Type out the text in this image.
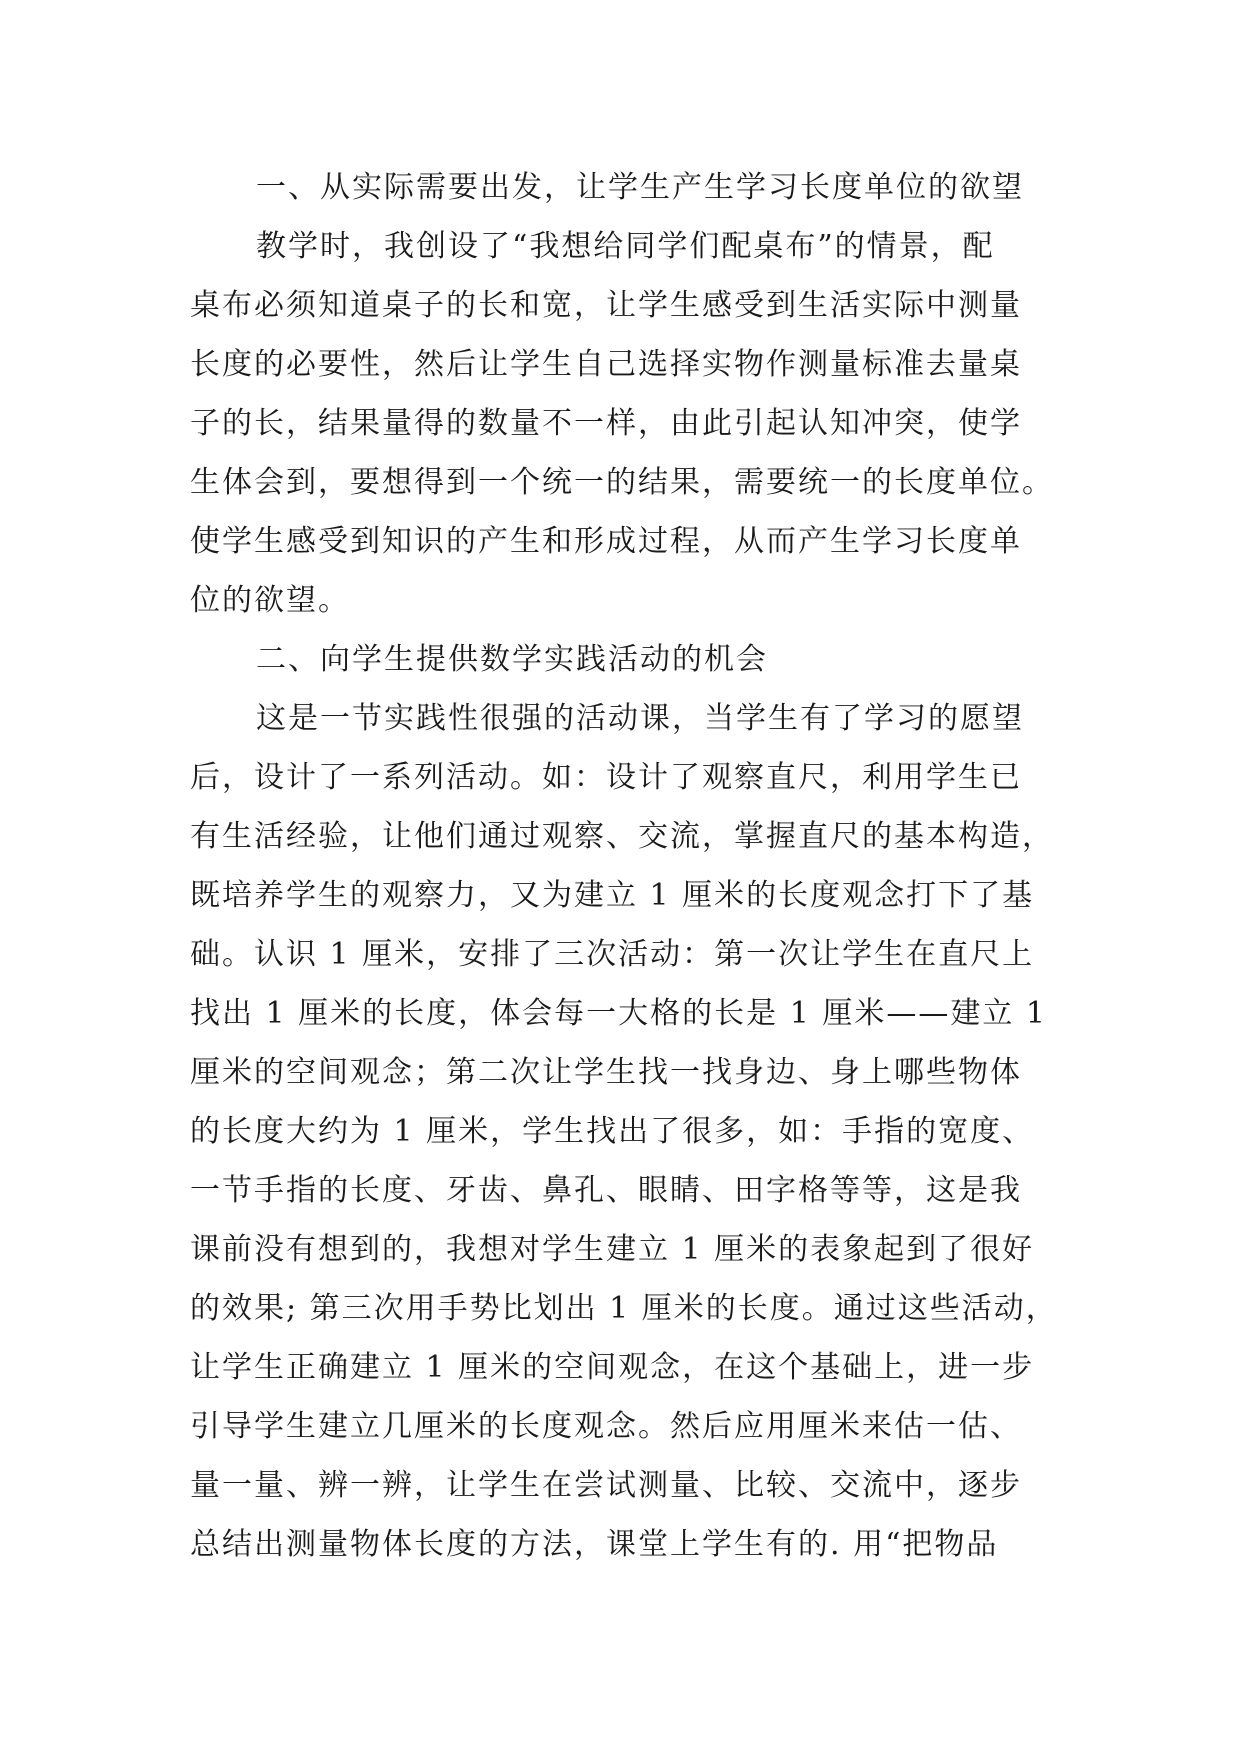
一、从实际需要出发，让学生产生学习长度单位的欲望
教学时，我创设了“我想给同学们配桌布”的情景，配
桌布必须知道桌子的长和宽，让学生感受到生活实际中测量
长度的必要性，然后让学生自己选择实物作测量标准去量桌
子的长，结果量得的数量不一样，由此引起认知冲突，使学
生体会到，要想得到一个统一的结果，需要统一的长度单位。
使学生感受到知识的产生和形成过程，从而产生学习长度单
位的欲望。
二、向学生提供数学实践活动的机会
这是一节实践性很强的活动课，当学生有了学习的愿望
后，设计了一系列活动。如：设计了观察直尺，利用学生已
有生活经验，让他们通过观察、交流，掌握直尺的基本构造，
既培养学生的观察力，又为建立 1 厘米的长度观念打下了基
础。认识 1 厘米，安排了三次活动：第一次让学生在直尺上
找出 1 厘米的长度，体会每一大格的长是 1 厘米——建立 1
厘米的空间观念；第二次让学生找一找身边、身上哪些物体
的长度大约为 1 厘米，学生找出了很多，如：手指的宽度、
一节手指的长度、牙齿、鼻孔、眼睛、田字格等等，这是我
课前没有想到的，我想对学生建立 1 厘米的表象起到了很好
的效果; 第三次用手势比划出 1 厘米的长度。通过这些活动，
让学生正确建立 1 厘米的空间观念，在这个基础上，进一步
引导学生建立几厘米的长度观念。然后应用厘米来估一估、
量一量、辨一辨，让学生在尝试测量、比较、交流中，逐步
总结出测量物体长度的方法，课堂上学生有的. 用“把物品
